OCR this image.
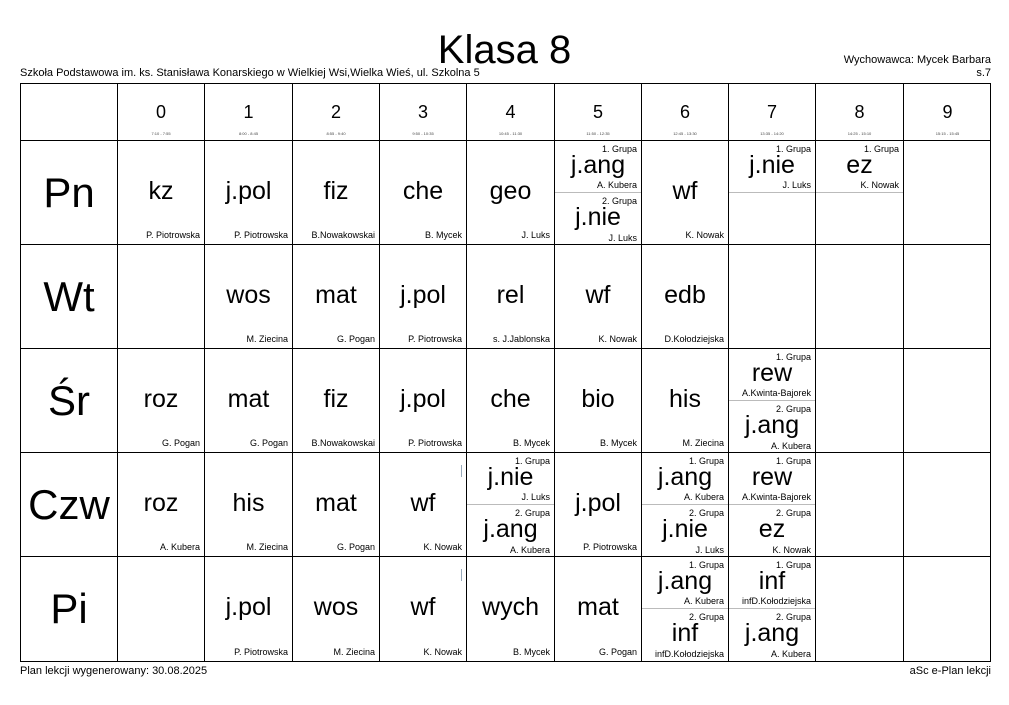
Klasa 8
Szkoła Podstawowa im. ks. Stanisława Konarskiego w Wielkiej Wsi,Wielka Wieś, ul. Szkolna 5
Wychowawca: Mycek Barbara
s.7
0
7:10 - 7:55
1
8:00 - 8:45
2
8:55 - 9:40
3
9:50 - 10:35
4
10:45 - 11:30
5
11:50 - 12:35
6
12:45 - 13:30
7
13:35 - 14:20
8
14:25 - 15:10
9
15:15 - 15:45
Pn
Wt
Śr
Czw
Pi
kz
P. Piotrowska
j.pol
P. Piotrowska
fiz
B.Nowakowskai
che
B. Mycek
geo
J. Luks
1. Grupa
j.ang
A. Kubera
2. Grupa
j.nie
J. Luks
wf
K. Nowak
1. Grupa
j.nie
J. Luks
1. Grupa
ez
K. Nowak
wos
M. Ziecina
mat
G. Pogan
j.pol
P. Piotrowska
rel
s. J.Jablonska
wf
K. Nowak
edb
D.Kołodziejska
roz
G. Pogan
mat
G. Pogan
fiz
B.Nowakowskai
j.pol
P. Piotrowska
che
B. Mycek
bio
B. Mycek
his
M. Ziecina
1. Grupa
rew
A.Kwinta-Bajorek
2. Grupa
j.ang
A. Kubera
roz
A. Kubera
his
M. Ziecina
mat
G. Pogan
wf
K. Nowak
1. Grupa
j.nie
J. Luks
2. Grupa
j.ang
A. Kubera
j.pol
P. Piotrowska
1. Grupa
j.ang
A. Kubera
2. Grupa
j.nie
J. Luks
1. Grupa
rew
A.Kwinta-Bajorek
2. Grupa
ez
K. Nowak
j.pol
P. Piotrowska
wos
M. Ziecina
wf
K. Nowak
wych
B. Mycek
mat
G. Pogan
1. Grupa
j.ang
A. Kubera
2. Grupa
inf
infD.Kołodziejska
1. Grupa
inf
infD.Kołodziejska
2. Grupa
j.ang
A. Kubera
Plan lekcji wygenerowany: 30.08.2025	aSc e-Plan lekcji
